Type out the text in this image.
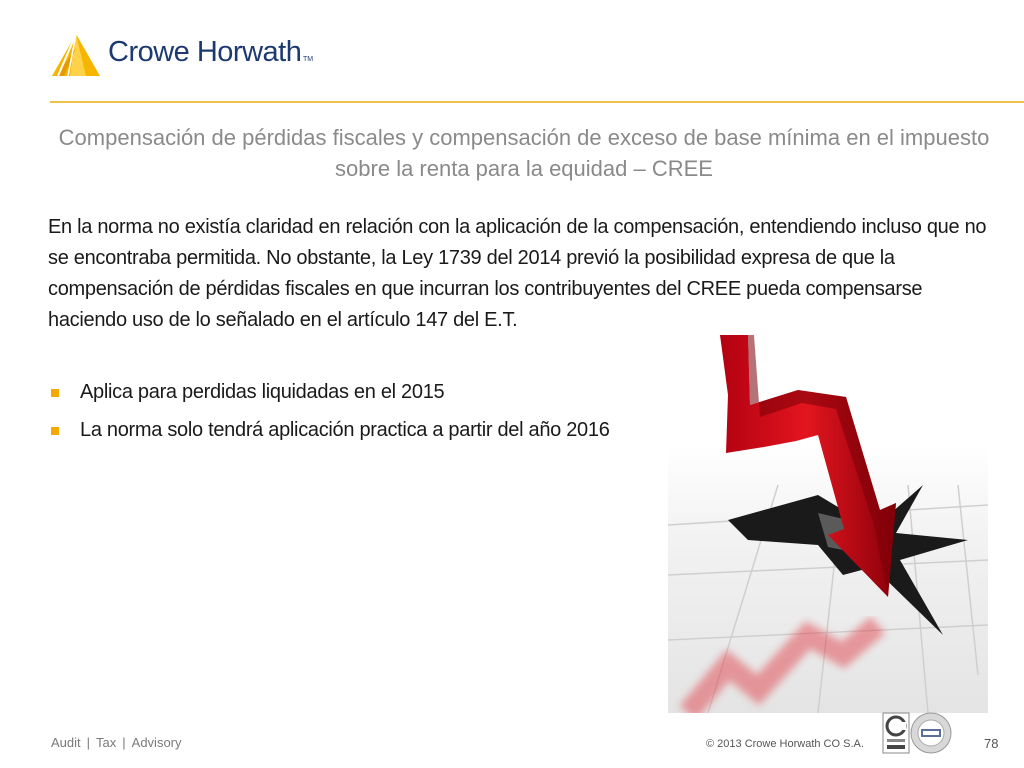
Crowe Horwath TM
Compensación de pérdidas fiscales y compensación de exceso de base mínima en el impuesto sobre la renta para la equidad – CREE
En la norma no existía claridad en relación con la aplicación de la compensación, entendiendo incluso que no se encontraba permitida. No obstante, la Ley 1739 del 2014 previó la posibilidad expresa de que la compensación de pérdidas fiscales en que incurran los contribuyentes del CREE pueda compensarse haciendo uso de lo señalado en el artículo 147 del E.T.
Aplica para perdidas liquidadas en el 2015
La norma solo tendrá aplicación practica a partir del año 2016
Audit | Tax | Advisory	© 2013 Crowe Horwath CO S.A.	78
